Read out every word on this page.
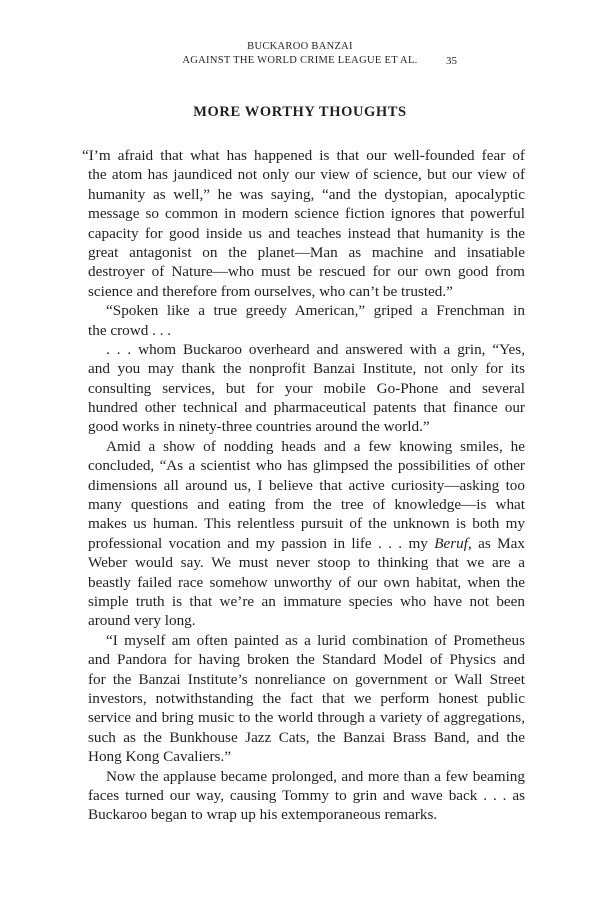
BUCKAROO BANZAI
AGAINST THE WORLD CRIME LEAGUE ET AL.	35
MORE WORTHY THOUGHTS
“I’m afraid that what has happened is that our well-founded fear of
the atom has jaundiced not only our view of science, but our view of
humanity as well,” he was saying, “and the dystopian, apocalyptic
message so common in modern science fiction ignores that powerful
capacity for good inside us and teaches instead that humanity is the
great antagonist on the planet—Man as machine and insatiable
destroyer of Nature—who must be rescued for our own good from
science and therefore from ourselves, who can’t be trusted.”
“Spoken like a true greedy American,” griped a Frenchman in
the crowd . . .
. . . whom Buckaroo overheard and answered with a grin, “Yes,
and you may thank the nonprofit Banzai Institute, not only for its
consulting services, but for your mobile Go-Phone and several
hundred other technical and pharmaceutical patents that finance our
good works in ninety-three countries around the world.”
Amid a show of nodding heads and a few knowing smiles, he
concluded, “As a scientist who has glimpsed the possibilities of other
dimensions all around us, I believe that active curiosity—asking too
many questions and eating from the tree of knowledge—is what
makes us human. This relentless pursuit of the unknown is both my
professional vocation and my passion in life . . . my Beruf, as Max
Weber would say. We must never stoop to thinking that we are a
beastly failed race somehow unworthy of our own habitat, when the
simple truth is that we’re an immature species who have not been
around very long.
“I myself am often painted as a lurid combination of Prometheus
and Pandora for having broken the Standard Model of Physics and
for the Banzai Institute’s nonreliance on government or Wall Street
investors, notwithstanding the fact that we perform honest public
service and bring music to the world through a variety of aggregations,
such as the Bunkhouse Jazz Cats, the Banzai Brass Band, and the
Hong Kong Cavaliers.”
Now the applause became prolonged, and more than a few beaming
faces turned our way, causing Tommy to grin and wave back . . . as
Buckaroo began to wrap up his extemporaneous remarks.
